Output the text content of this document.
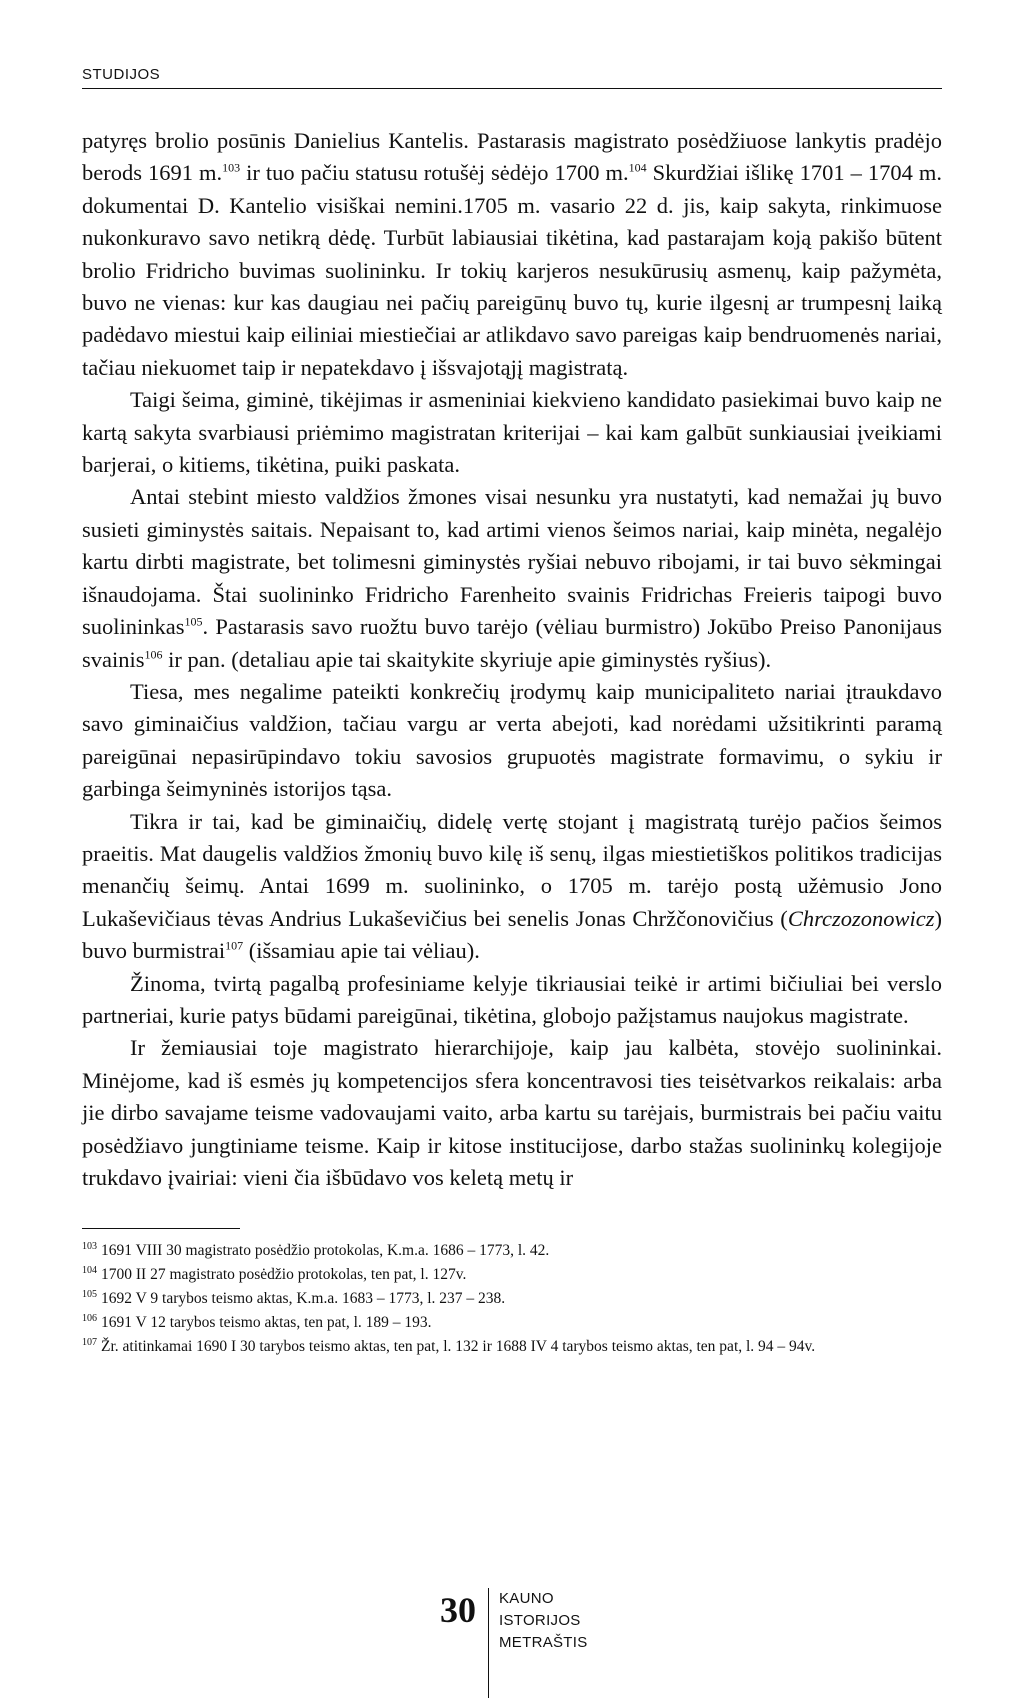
STUDIJOS

patyręs brolio posūnis Danielius Kantelis. Pastarasis magistrato posėdžiuose lankytis pradėjo berods 1691 m.$^{103}$ ir tuo pačiu statusu rotušėj sėdėjo 1700 m.$^{104}$ Skurdžiai išlikę 1701 – 1704 m. dokumentai D. Kantelio visiškai nemini.1705 m. vasario 22 d. jis, kaip sakyta, rinkimuose nukonkuravo savo netikrą dėdę. Turbūt labiausiai tikėtina, kad pastarajam koją pakišo būtent brolio Fridricho buvimas suolininku. Ir tokių karjeros nesukūrusių asmenų, kaip pažymėta, buvo ne vienas: kur kas daugiau nei pačių pareigūnų buvo tų, kurie ilgesnį ar trumpesnį laiką padėdavo miestui kaip eiliniai miestiečiai ar atlikdavo savo pareigas kaip bendruomenės nariai, tačiau niekuomet taip ir nepatekdavo į išsvajotąjį magistratą.

Taigi šeima, giminė, tikėjimas ir asmeniniai kiekvieno kandidato pasiekimai buvo kaip ne kartą sakyta svarbiausi priėmimo magistratan kriterijai – kai kam galbūt sunkiausiai įveikiami barjerai, o kitiems, tikėtina, puiki paskata.

Antai stebint miesto valdžios žmones visai nesunku yra nustatyti, kad nemažai jų buvo susieti giminystės saitais. Nepaisant to, kad artimi vienos šeimos nariai, kaip minėta, negalėjo kartu dirbti magistrate, bet tolimesni giminystės ryšiai nebuvo ribojami, ir tai buvo sėkmingai išnaudojama. Štai suolininko Fridricho Farenheito svainis Fridrichas Freieris taipogi buvo suolininkas$^{105}$. Pastarasis savo ruožtu buvo tarėjo (vėliau burmistro) Jokūbo Preiso Panonijaus svainis$^{106}$ ir pan. (detaliau apie tai skaitykite skyriuje apie giminystės ryšius).

Tiesa, mes negalime pateikti konkrečių įrodymų kaip municipaliteto nariai įtraukdavo savo giminaičius valdžion, tačiau vargu ar verta abejoti, kad norėdami užsitikrinti paramą pareigūnai nepasirūpindavo tokiu savosios grupuotės magistrate formavimu, o sykiu ir garbinga šeimyninės istorijos tąsa.

Tikra ir tai, kad be giminaičių, didelę vertę stojant į magistratą turėjo pačios šeimos praeitis. Mat daugelis valdžios žmonių buvo kilę iš senų, ilgas miestietiškos politikos tradicijas menančių šeimų. Antai 1699 m. suolininko, o 1705 m. tarėjo postą užėmusio Jono Lukaševičiaus tėvas Andrius Lukaševičius bei senelis Jonas Chržčonovičius (Chrczozonowicz) buvo burmistrai$^{107}$ (išsamiau apie tai vėliau).

Žinoma, tvirtą pagalbą profesiniame kelyje tikriausiai teikė ir artimi bičiuliai bei verslo partneriai, kurie patys būdami pareigūnai, tikėtina, globojo pažįstamus naujokus magistrate.

Ir žemiausiai toje magistrato hierarchijoje, kaip jau kalbėta, stovėjo suolininkai. Minėjome, kad iš esmės jų kompetencijos sfera koncentravosi ties teisėtvarkos reikalais: arba jie dirbo savajame teisme vadovaujami vaito, arba kartu su tarėjais, burmistrais bei pačiu vaitu posėdžiavo jungtiniame teisme. Kaip ir kitose institucijose, darbo stažas suolininkų kolegijoje trukdavo įvairiai: vieni čia išbūdavo vos keletą metų ir

$^{103}$ 1691 VIII 30 magistrato posėdžio protokolas, K.m.a. 1686 – 1773, l. 42.
$^{104}$ 1700 II 27 magistrato posėdžio protokolas, ten pat, l. 127v.
$^{105}$ 1692 V 9 tarybos teismo aktas, K.m.a. 1683 – 1773, l. 237 – 238.
$^{106}$ 1691 V 12 tarybos teismo aktas, ten pat, l. 189 – 193.
$^{107}$ Žr. atitinkamai 1690 I 30 tarybos teismo aktas, ten pat, l. 132 ir 1688 IV 4 tarybos teismo aktas, ten pat, l. 94 – 94v.
30	KAUNO
ISTORIJOS
METRAŠTIS
